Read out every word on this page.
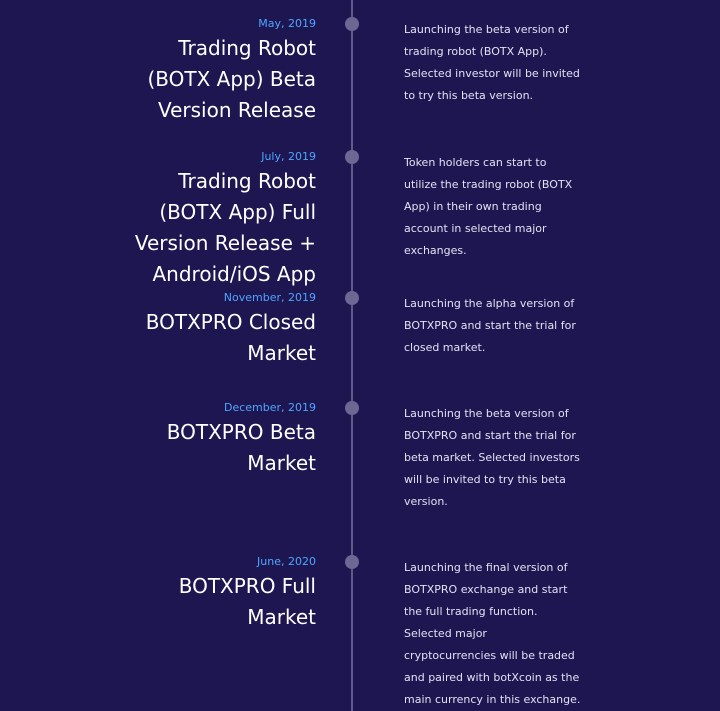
May, 2019
Trading Robot (BOTX App) Beta Version Release
Launching the beta version of trading robot (BOTX App). Selected investor will be invited to try this beta version.
July, 2019
Trading Robot (BOTX App) Full Version Release + Android/iOS App
Token holders can start to utilize the trading robot (BOTX App) in their own trading account in selected major exchanges.
November, 2019
BOTXPRO Closed Market
Launching the alpha version of BOTXPRO and start the trial for closed market.
December, 2019
BOTXPRO Beta Market
Launching the beta version of BOTXPRO and start the trial for beta market. Selected investors will be invited to try this beta version.
June, 2020
BOTXPRO Full Market
Launching the final version of BOTXPRO exchange and start the full trading function. Selected major cryptocurrencies will be traded and paired with botXcoin as the main currency in this exchange.
